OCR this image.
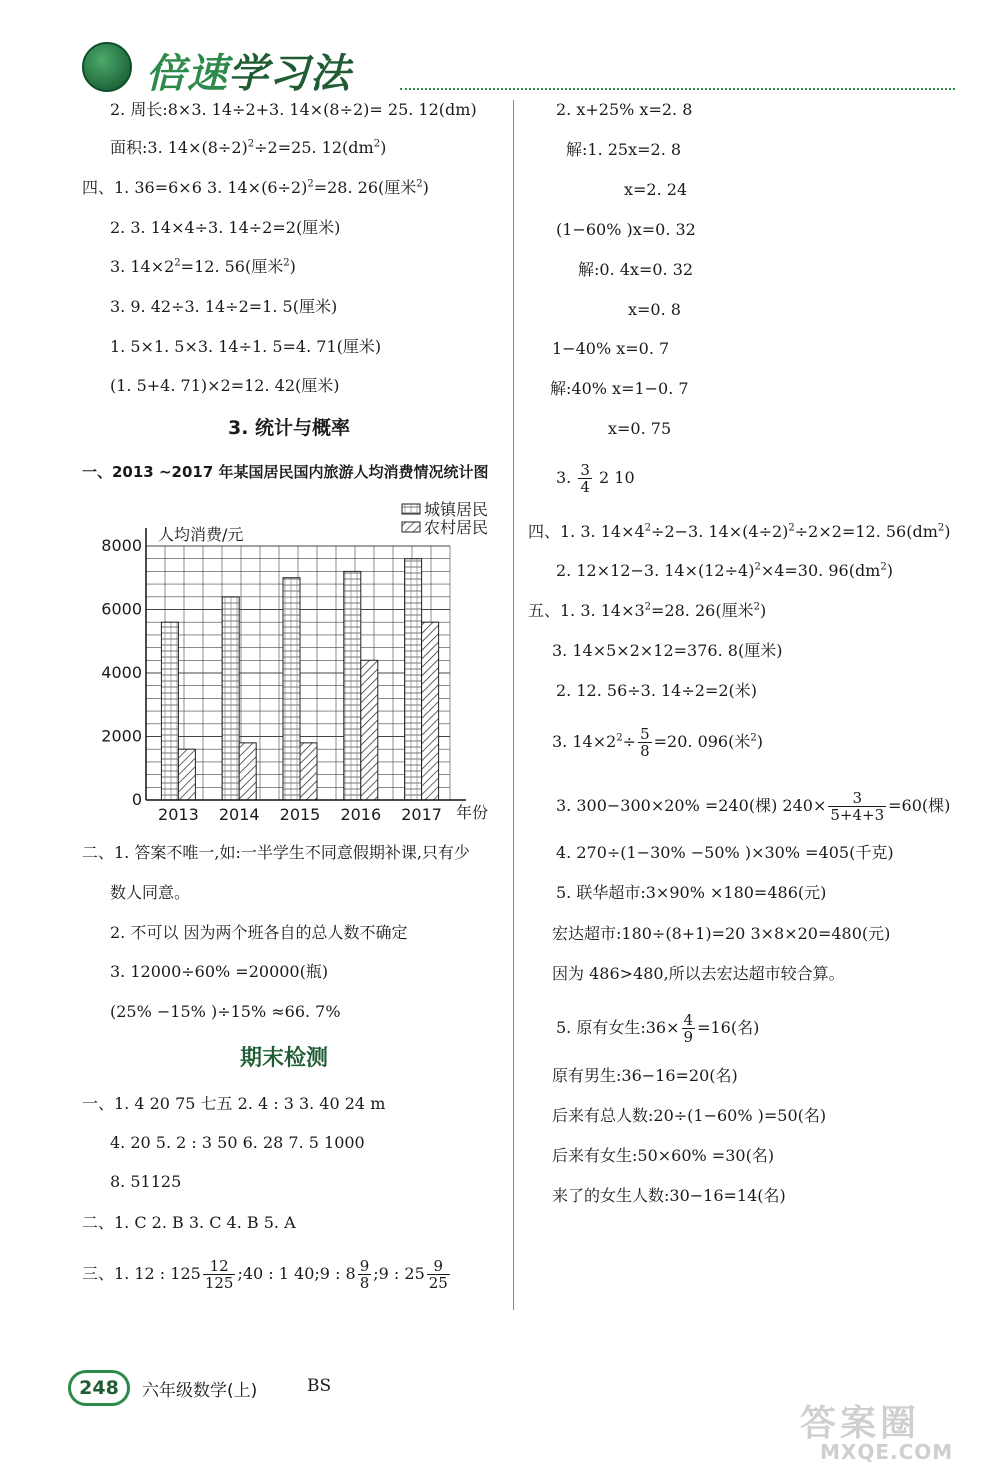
倍速学习法
2. 周长:8×3. 14÷2+3. 14×(8÷2)= 25. 12(dm)
面积:3. $14\times(8\div 2)^2\div 2=25$. $12(dm^2)$
四、1. 36=6×6 3. $14\times(6\div 2)^2=28$. 26(厘米$^2$)
2. 3. 14×4÷3. 14÷2=2(厘米)
3. $14\times 2^2=12$. 56(厘米$^2$)
3. 9. 42÷3. 14÷2=1. 5(厘米)
1. 5×1. 5×3. 14÷1. 5=4. 71(厘米)
(1. 5+4. 71)×2=12. 42(厘米)
3. 统计与概率
一、2013 ~2017 年某国居民国内旅游人均消费情况统计图
2013 2014 2015 2016 2017
0
2000
4000
6000
8000
人均消费/元
年份
城镇居民
农村居民
二、1. 答案不唯一,如:一半学生不同意假期补课,只有少
数人同意。
2. 不可以 因为两个班各自的总人数不确定
3. 12000÷60% =20000(瓶)
(25% −15% )÷15% ≈66. 7%
期末检测
一、1. 4 20 75 七五 2. 4 : 3 3. 40 24 m
4. 20 5. 2 : 3 50 6. 28 7. 5 1000
8. 51125
二、1. C 2. B 3. C 4. B 5. A
三、1. 12 : $125 \frac{12}{125}$ ;40 : 1 40;9 : $8 \frac{9}{8}$ ;9 : $25 \frac{9}{25}$
2. x+25% x=2. 8
解:1. 25x=2. 8
x=2. 24
(1−60% )x=0. 32
解:0. 4x=0. 32
x=0. 8
1−40% x=0. 7
解:40% x=1−0. 7
x=0. 75
3. $\frac{3}{4} 2$ 10
四、1. 3. $14\times 4^2\div 2-3$. $14\times(4\div 2)^2\div 2\times 2=12$. $56(dm^2)$
2. 12×12−3. $14\times(12\div 4)^2\times 4=30$. $96(dm^2)$
五、1. 3. $14\times 3^2=28$. 26(厘米$^2$)
3. 14×5×2×12=376. 8(厘米)
2. 12. 56÷3. 14÷2=2(米)
3. $14\times 2^2\div \frac{5}{8} =20$. 096(米$^2$)
3. 300−300×20% =240(棵) $240\times \frac{3}{5+4+3} =60$(棵)
4. 270÷(1−30% −50% )×30% =405(千克)
5. 联华超市:3×90% ×180=486(元)
宏达超市:180÷(8+1)=20 3×8×20=480(元)
因为 486>480,所以去宏达超市较合算。
5. 原有女生:36× $\frac{4}{9} =16$(名)
原有男生:36−16=20(名)
后来有总人数:20÷(1−60% )=50(名)
后来有女生:50×60% =30(名)
来了的女生人数:30−16=14(名)
248	六年级数学(上)	BS
答案圈
MXQE.COM
